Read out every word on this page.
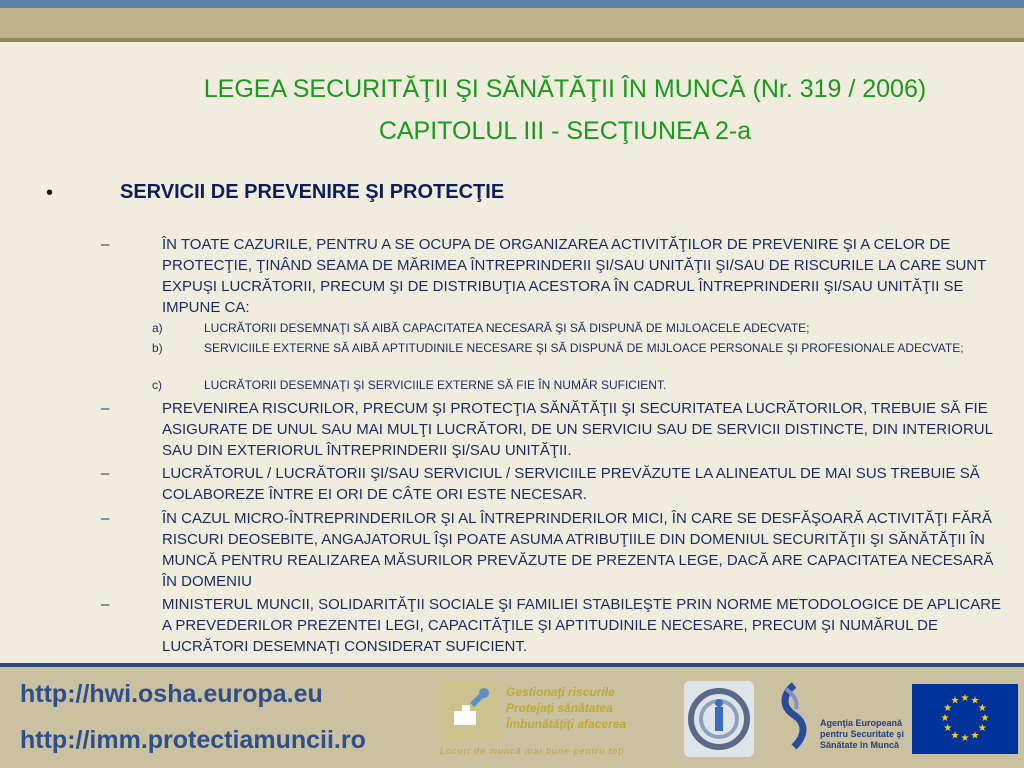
LEGEA SECURITĂŢII ŞI SĂNĂTĂŢII ÎN MUNCĂ (Nr. 319 / 2006)
CAPITOLUL III - SECŢIUNEA 2-a
•	SERVICII DE PREVENIRE ŞI PROTECŢIE
–	ÎN TOATE CAZURILE, PENTRU A SE OCUPA DE ORGANIZAREA ACTIVITĂŢILOR DE PREVENIRE ŞI A CELOR DE PROTECŢIE, ŢINÂND SEAMA DE MĂRIMEA ÎNTREPRINDERII ŞI/SAU UNITĂŢII ŞI/SAU DE RISCURILE LA CARE SUNT EXPUŞI LUCRĂTORII, PRECUM ŞI DE DISTRIBUŢIA ACESTORA ÎN CADRUL ÎNTREPRINDERII ŞI/SAU UNITĂŢII SE IMPUNE CA:
a)	LUCRĂTORII DESEMNAŢI SĂ AIBĂ CAPACITATEA NECESARĂ ŞI SĂ DISPUNĂ DE MIJLOACELE ADECVATE;
b)	SERVICIILE EXTERNE SĂ AIBĂ APTITUDINILE NECESARE ŞI SĂ DISPUNĂ DE MIJLOACE PERSONALE ŞI PROFESIONALE ADECVATE;
c)	LUCRĂTORII DESEMNAŢI ŞI SERVICIILE EXTERNE SĂ FIE ÎN NUMĂR SUFICIENT.
–	PREVENIREA RISCURILOR, PRECUM ŞI PROTECŢIA SĂNĂTĂŢII ŞI SECURITATEA LUCRĂTORILOR, TREBUIE SĂ FIE ASIGURATE DE UNUL SAU MAI MULŢI LUCRĂTORI, DE UN SERVICIU SAU DE SERVICII DISTINCTE, DIN INTERIORUL SAU DIN EXTERIORUL ÎNTREPRINDERII ŞI/SAU UNITĂŢII.
–	LUCRĂTORUL / LUCRĂTORII ŞI/SAU SERVICIUL / SERVICIILE PREVĂZUTE LA ALINEATUL DE MAI SUS TREBUIE SĂ COLABOREZE ÎNTRE EI ORI DE CÂTE ORI ESTE NECESAR.
–	ÎN CAZUL MICRO-ÎNTREPRINDERILOR ŞI AL ÎNTREPRINDERILOR MICI, ÎN CARE SE DESFĂŞOARĂ ACTIVITĂŢI FĂRĂ RISCURI DEOSEBITE, ANGAJATORUL ÎŞI POATE ASUMA ATRIBUŢIILE DIN DOMENIUL SECURITĂŢII ŞI SĂNĂTĂŢII ÎN MUNCĂ PENTRU REALIZAREA MĂSURILOR PREVĂZUTE DE PREZENTA LEGE, DACĂ ARE CAPACITATEA NECESARĂ ÎN DOMENIU
–	MINISTERUL MUNCII, SOLIDARITĂŢII SOCIALE ŞI FAMILIEI STABILEŞTE PRIN NORME METODOLOGICE DE APLICARE A PREVEDERILOR PREZENTEI LEGI, CAPACITĂŢILE ŞI APTITUDINILE NECESARE, PRECUM ŞI NUMĂRUL DE LUCRĂTORI DESEMNAŢI CONSIDERAT SUFICIENT.
http://hwi.osha.europa.eu
http://imm.protectiamuncii.ro
Gestionaţi riscurile
Protejaţi sănătatea
Îmbunătăţiţi afacerea
Locuri de muncă mai bune pentru toţi
Agenţia Europeană
pentru Securitate şi
Sănătate în Muncă
★ ★
★
★
★
★
★
★
★
★
★
★
